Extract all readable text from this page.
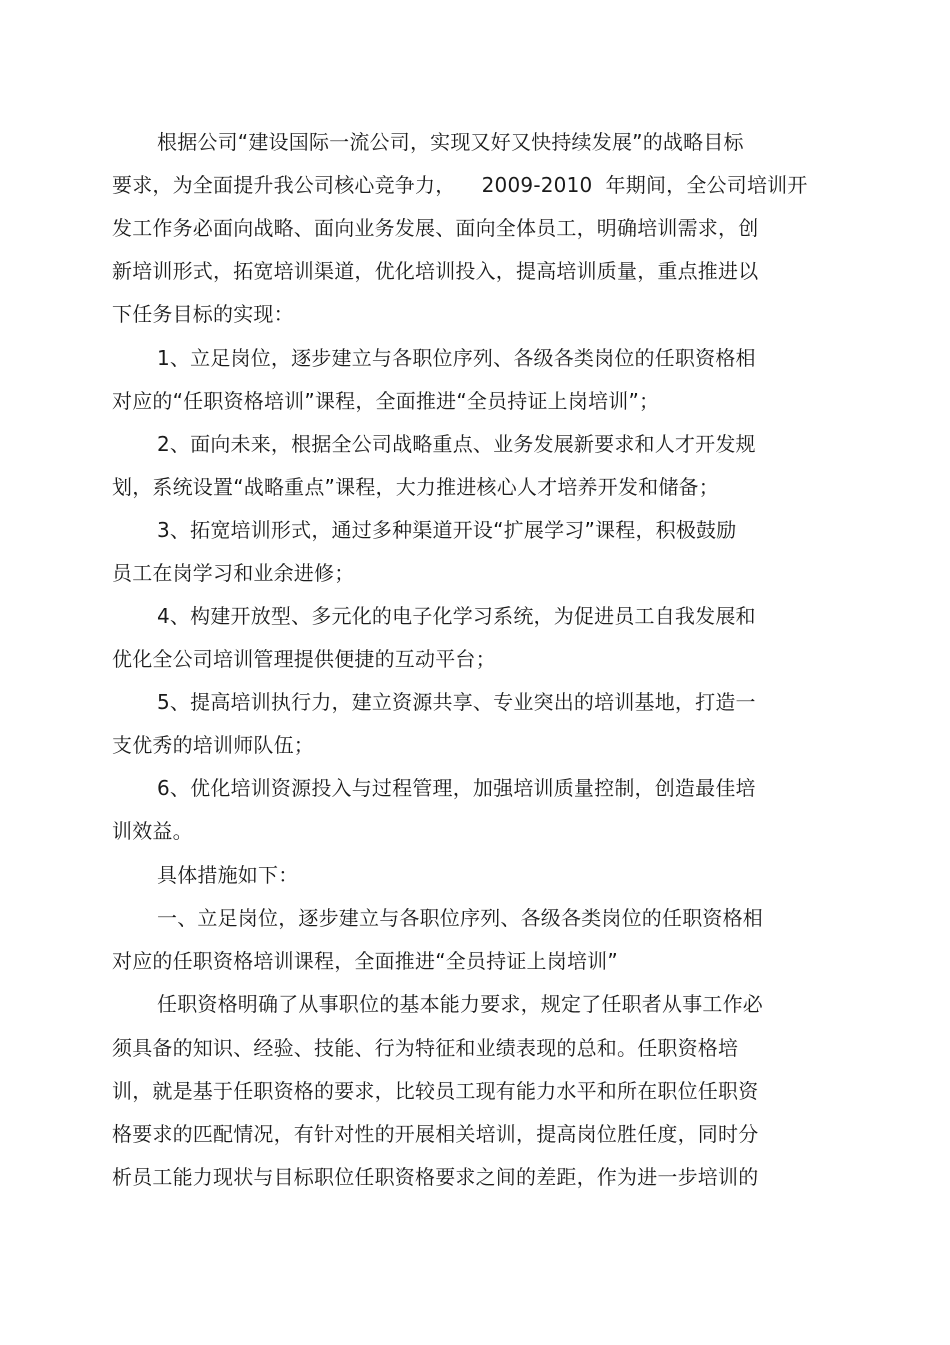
根据公司“建设国际一流公司，实现又好又快持续发展”的战略目标
要求，为全面提升我公司核心竞争力，    2009-2010  年期间，全公司培训开
发工作务必面向战略、面向业务发展、面向全体员工，明确培训需求，创
新培训形式，拓宽培训渠道，优化培训投入，提高培训质量，重点推进以
下任务目标的实现：
1、立足岗位，逐步建立与各职位序列、各级各类岗位的任职资格相
对应的“任职资格培训”课程，全面推进“全员持证上岗培训”；
2、面向未来，根据全公司战略重点、业务发展新要求和人才开发规
划，系统设置“战略重点”课程，大力推进核心人才培养开发和储备；
3、拓宽培训形式，通过多种渠道开设“扩展学习”课程，积极鼓励
员工在岗学习和业余进修；
4、构建开放型、多元化的电子化学习系统，为促进员工自我发展和
优化全公司培训管理提供便捷的互动平台；
5、提高培训执行力，建立资源共享、专业突出的培训基地，打造一
支优秀的培训师队伍；
6、优化培训资源投入与过程管理，加强培训质量控制，创造最佳培
训效益。
具体措施如下：
一、立足岗位，逐步建立与各职位序列、各级各类岗位的任职资格相
对应的任职资格培训课程，全面推进“全员持证上岗培训”
任职资格明确了从事职位的基本能力要求，规定了任职者从事工作必
须具备的知识、经验、技能、行为特征和业绩表现的总和。任职资格培
训，就是基于任职资格的要求，比较员工现有能力水平和所在职位任职资
格要求的匹配情况，有针对性的开展相关培训，提高岗位胜任度，同时分
析员工能力现状与目标职位任职资格要求之间的差距，作为进一步培训的
